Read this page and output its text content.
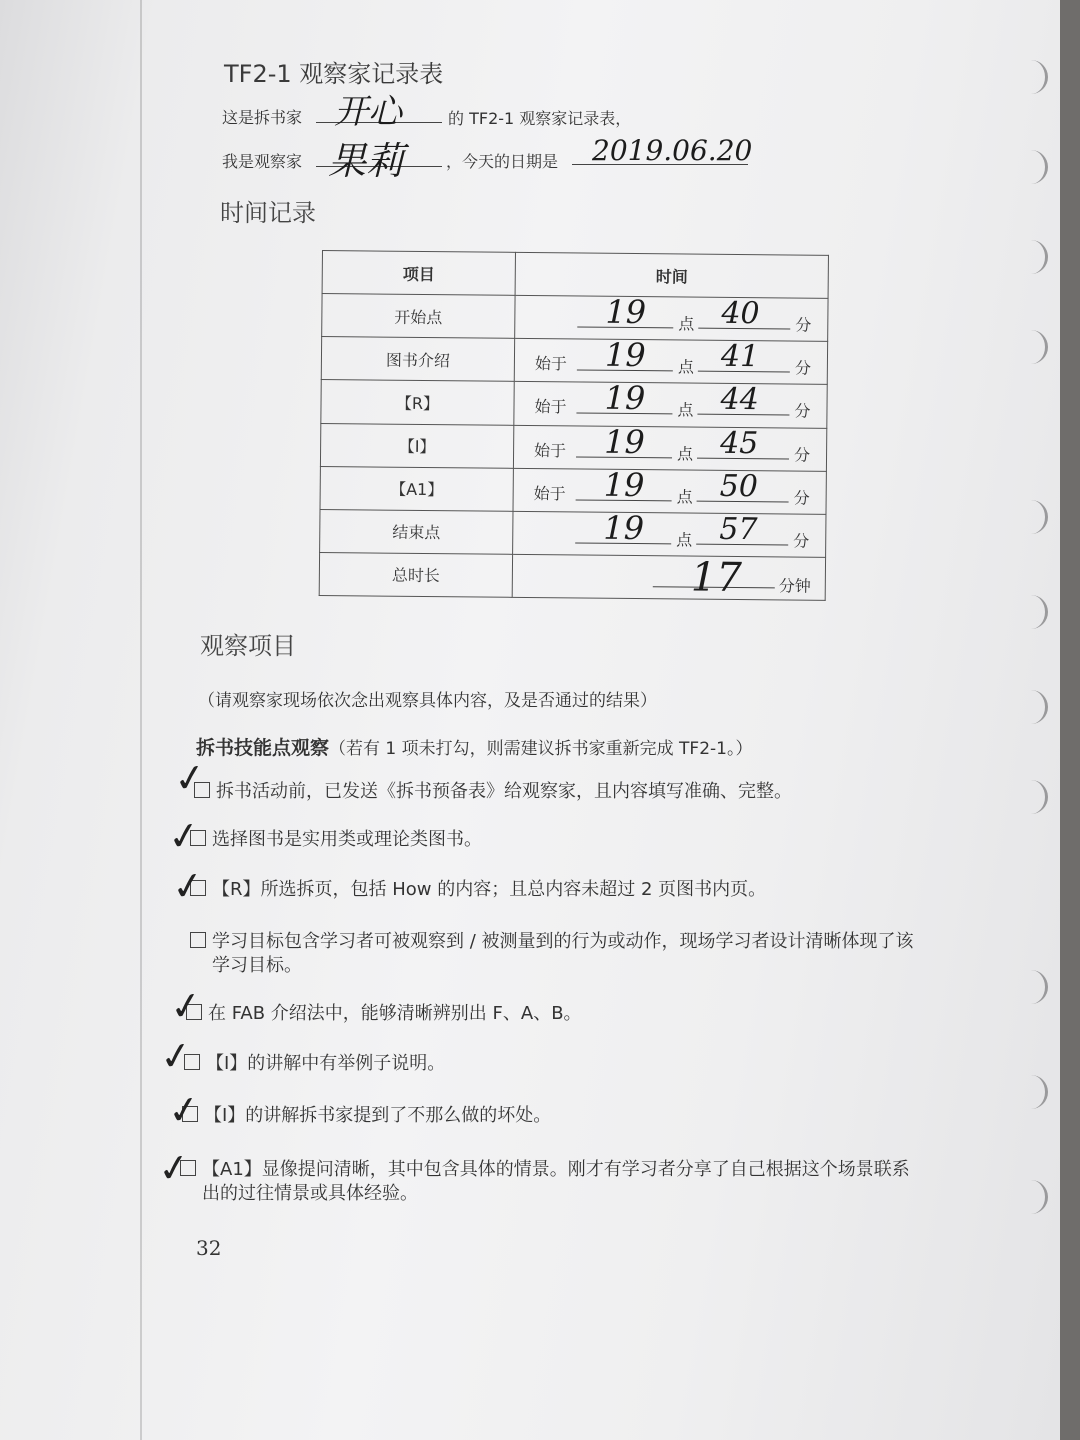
TF2-1 观察家记录表
这是拆书家 开心	的 TF2-1 观察家记录表，
我是观察家 果莉	，今天的日期是 2019.06.20
时间记录
项目	时间
开始点	19 点 40 分

图书介绍	始于 19 点 41 分

【R】	始于 19 点 44 分

【I】	始于 19 点 45 分

【A1】	始于 19 点 50 分

结束点	19 点 57 分

总时长	17 分钟
观察项目
（请观察家现场依次念出观察具体内容，及是否通过的结果）
拆书技能点观察（若有 1 项未打勾，则需建议拆书家重新完成 TF2-1。）
拆书活动前，已发送《拆书预备表》给观察家，且内容填写准确、完整。
✓
选择图书是实用类或理论类图书。
✓
【R】所选拆页，包括 How 的内容；且总内容未超过 2 页图书内页。
✓
学习目标包含学习者可被观察到 / 被测量到的行为或动作，现场学习者设计清晰体现了该
学习目标。
在 FAB 介绍法中，能够清晰辨别出 F、A、B。
✓
【I】的讲解中有举例子说明。
✓
【I】的讲解拆书家提到了不那么做的坏处。
✓
【A1】显像提问清晰，其中包含具体的情景。刚才有学习者分享了自己根据这个场景联系
出的过往情景或具体经验。
✓
32
